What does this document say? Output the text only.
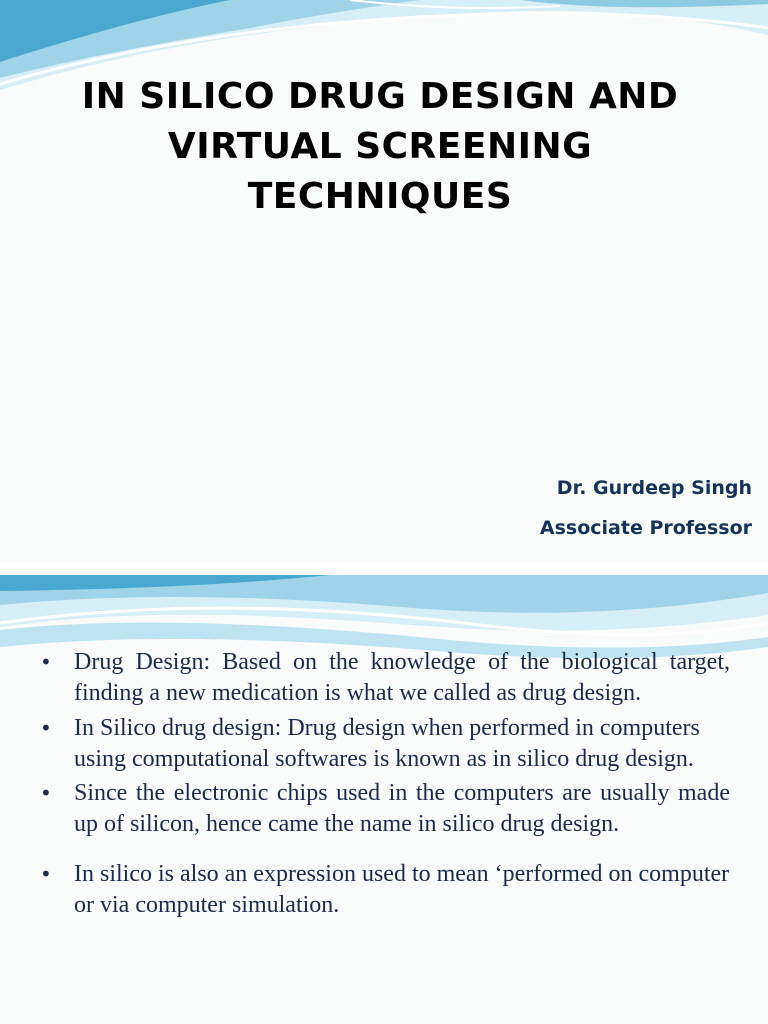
IN SILICO DRUG DESIGN AND
VIRTUAL SCREENING
TECHNIQUES
Dr. Gurdeep Singh
Associate Professor
• Drug Design: Based on the knowledge of the biological target, finding a new medication is what we called as drug design.
• In Silico drug design: Drug design when performed in computers using computational softwares is known as in silico drug design.
• Since the electronic chips used in the computers are usually made up of silicon, hence came the name in silico drug design.
• In silico is also an expression used to mean ‘performed on computer or via computer simulation.
